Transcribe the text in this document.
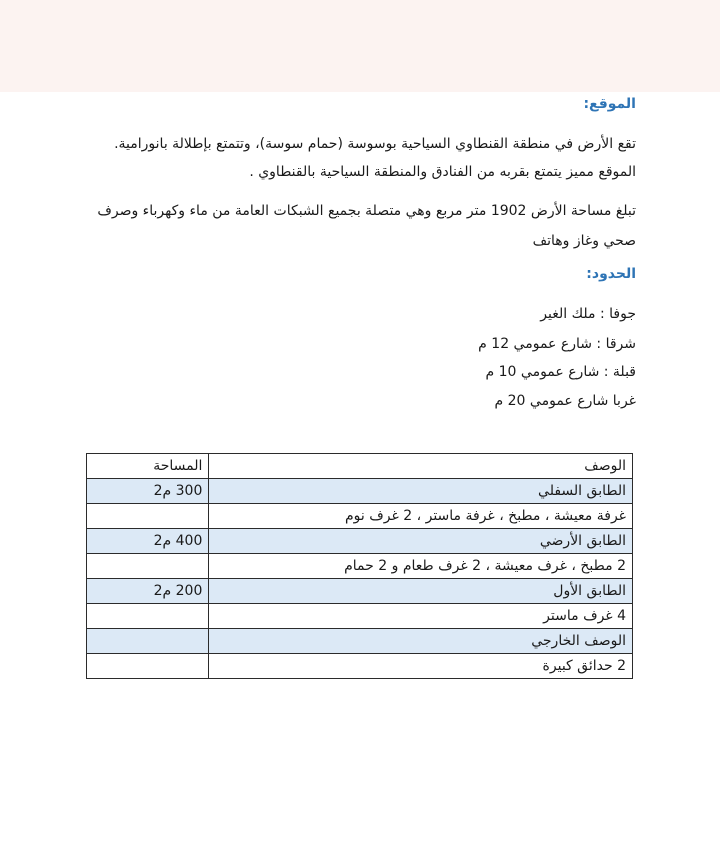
الموقع:
تقع الأرض في منطقة القنطاوي السياحية بوسوسة (حمام سوسة)، وتتمتع بإطلالة بانورامية.
الموقع مميز يتمتع بقربه من الفنادق والمنطقة السياحية بالقنطاوي .
تبلغ مساحة الأرض 1902 متر مربع وهي متصلة بجميع الشبكات العامة من ماء وكهرباء وصرف صحي وغاز وهاتف
الحدود:
جوفا : ملك الغير
شرقا : شارع عمومي 12 م
قبلة : شارع عمومي 10 م
غربا شارع عمومي 20 م
الوصف	المساحة
الطابق السفلي	300 م2
غرفة معيشة ، مطبخ ، غرفة ماستر ، 2 غرف نوم	
الطابق الأرضي	400 م2
2 مطبخ ، غرف معيشة ، 2 غرف طعام و 2 حمام	
الطابق الأول	200 م2
4 غرف ماستر	
الوصف الخارجي	
2 حدائق كبيرة	
